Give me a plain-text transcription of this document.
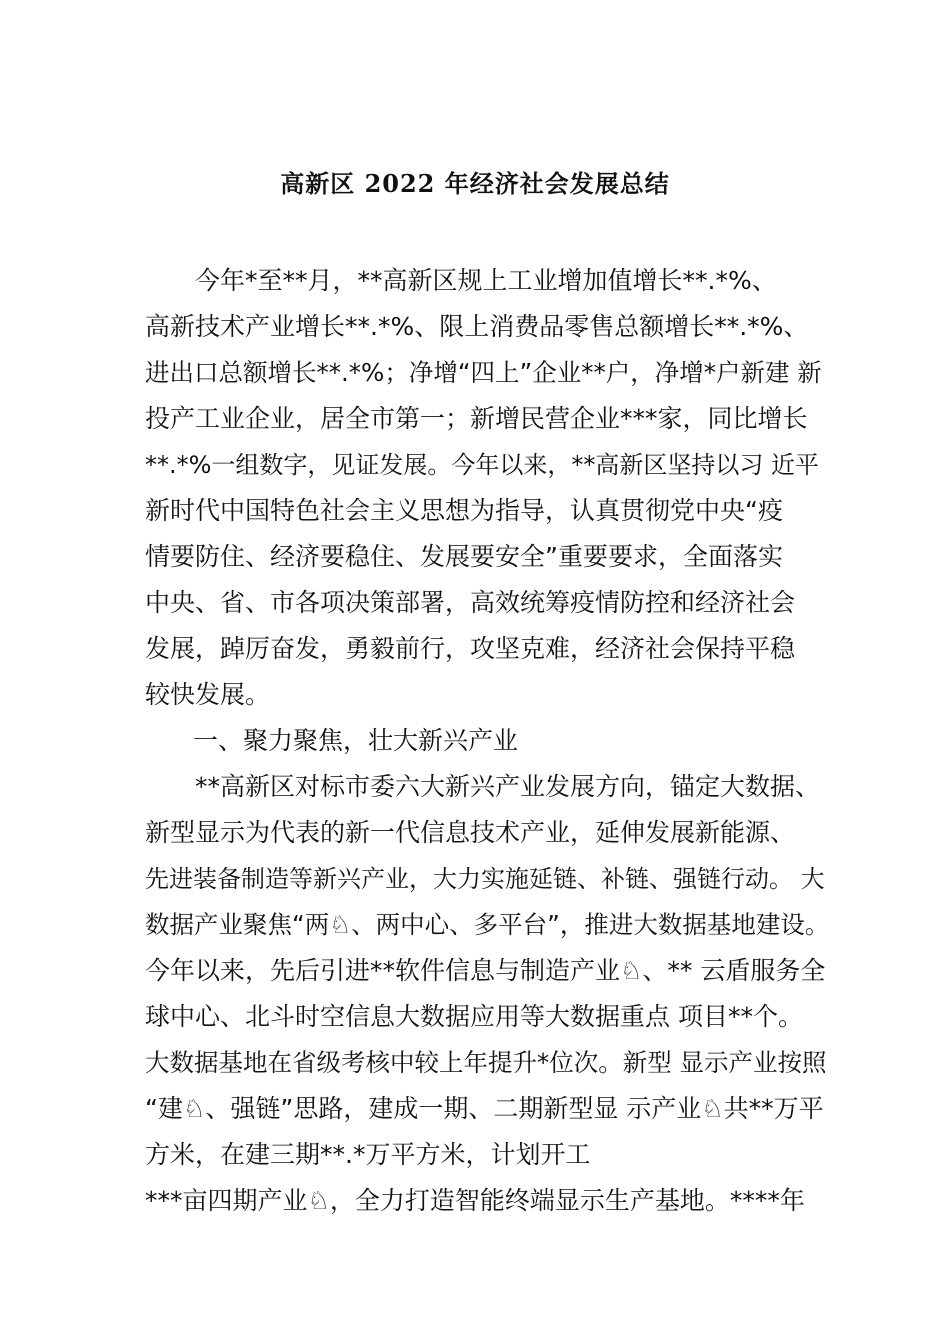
高新区 2022 年经济社会发展总结
今年*至**月，**高新区规上工业增加值增长**.*%、
高新技术产业增长**.*%、限上消费品零售总额增长**.*%、
进出口总额增长**.*%；净增“四上”企业**户，净增*户新建 新
投产工业企业，居全市第一；新增民营企业***家，同比增长
**.*%一组数字，见证发展。今年以来，**高新区坚持以习 近平
新时代中国特色社会主义思想为指导，认真贯彻党中央“疫
情要防住、经济要稳住、发展要安全”重要要求，全面落实
中央、省、市各项决策部署，高效统筹疫情防控和经济社会
发展，踔厉奋发，勇毅前行，攻坚克难，经济社会保持平稳
较快发展。
一、聚力聚焦，壮大新兴产业
**高新区对标市委六大新兴产业发展方向，锚定大数据、
新型显示为代表的新一代信息技术产业，延伸发展新能源、
先进装备制造等新兴产业，大力实施延链、补链、强链行动。 大
数据产业聚焦“两♘、两中心、多平台”，推进大数据基地建设。
今年以来，先后引进**软件信息与制造产业♘、** 云盾服务全
球中心、北斗时空信息大数据应用等大数据重点 项目**个。
大数据基地在省级考核中较上年提升*位次。新型 显示产业按照
“建♘、强链”思路，建成一期、二期新型显 示产业♘共**万平
方米，在建三期**.*万平方米，计划开工
***亩四期产业♘，全力打造智能终端显示生产基地。****年
